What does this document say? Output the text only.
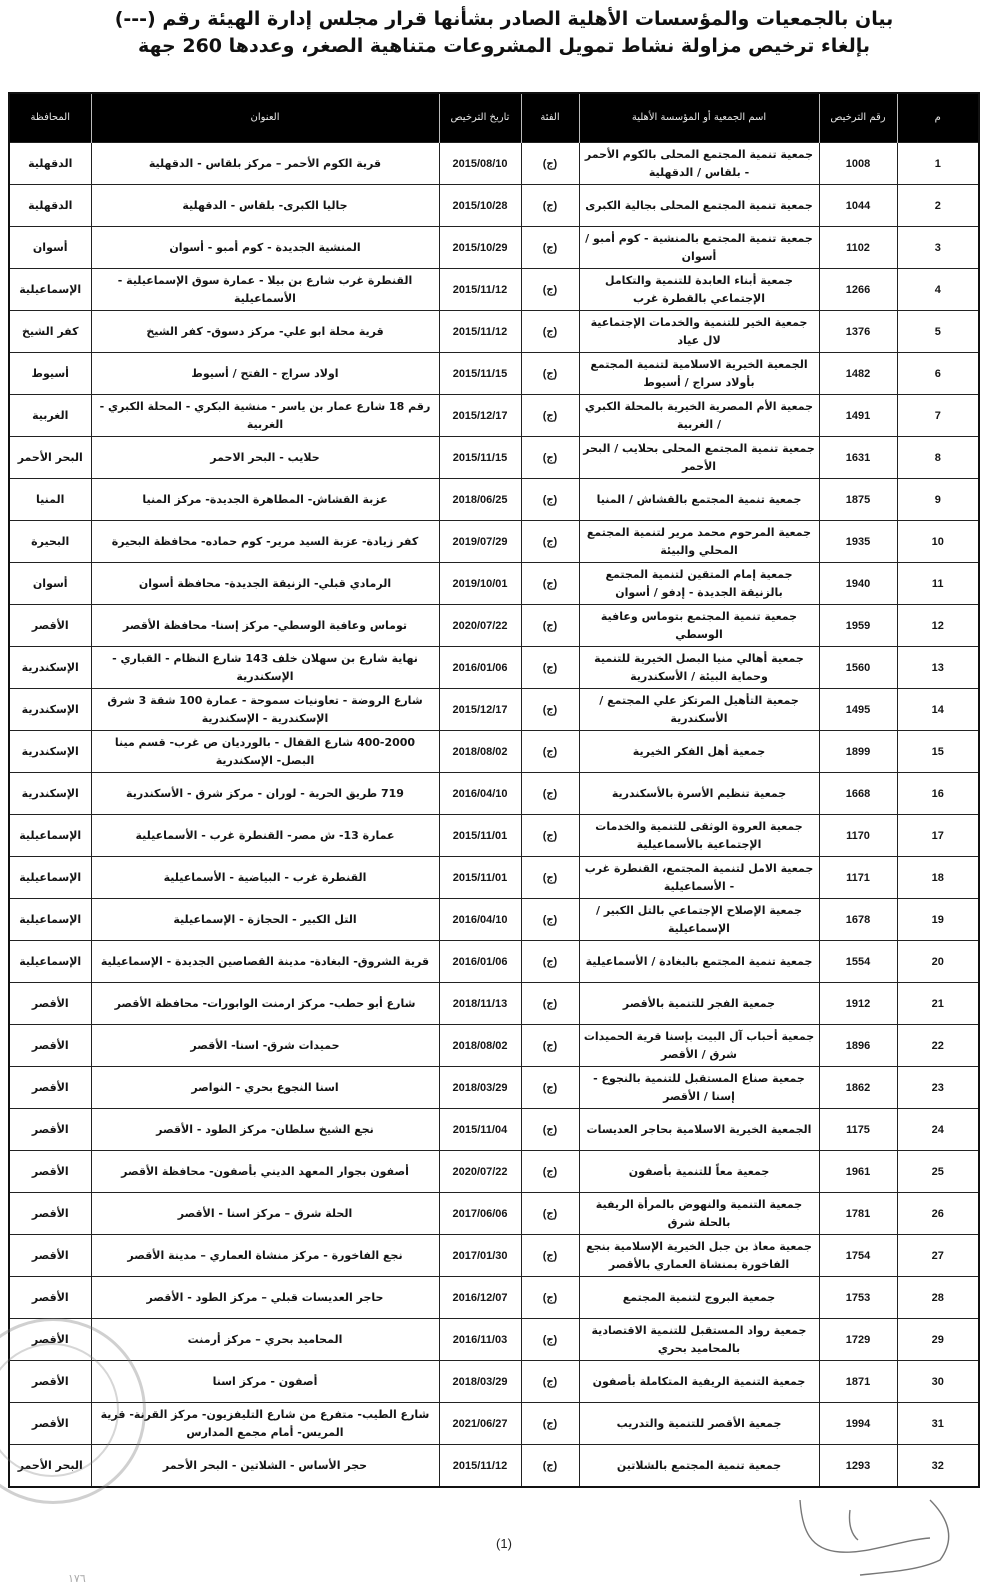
بيان بالجمعيات والمؤسسات الأهلية الصادر بشأنها قرار مجلس إدارة الهيئة رقم (---)
بإلغاء ترخيص مزاولة نشاط تمويل المشروعات متناهية الصغر، وعددها 260 جهة
م	رقم الترخيص	اسم الجمعية أو المؤسسة الأهلية	الفئة	تاريخ الترخيص	العنوان	المحافظة
1	1008	جمعية تنمية المجتمع المحلى بالكوم الأحمر - بلقاس / الدقهلية	(ج)	2015/08/10	قرية الكوم الأحمر – مركز بلقاس - الدقهلية	الدقهلية
2	1044	جمعية تنمية المجتمع المحلى بجالية الكبرى	(ج)	2015/10/28	جاليا الكبرى- بلقاس - الدقهلية	الدقهلية
3	1102	جمعية تنمية المجتمع بالمنشية - كوم أمبو / أسوان	(ج)	2015/10/29	المنشية الجديدة - كوم أمبو - أسوان	أسوان
4	1266	جمعية أبناء العابدة للتنمية والتكامل الإجتماعي بالقطرة غرب	(ج)	2015/11/12	القنطرة غرب شارع بن بيلا - عمارة سوق الإسماعيلية - الأسماعيلية	الإسماعيلية
5	1376	جمعية الخير للتنمية والخدمات الإجتماعية لال عياد	(ج)	2015/11/12	قرية محلة ابو علي- مركز دسوق- كفر الشيخ	كفر الشيخ
6	1482	الجمعية الخيرية الاسلامية لتنمية المجتمع بأولاد سراج / أسيوط	(ج)	2015/11/15	اولاد سراج - الفتح / أسيوط	أسيوط
7	1491	جمعية الأم المصرية الخيرية بالمحلة الكبري / الغربية	(ج)	2015/12/17	رقم 18 شارع عمار بن ياسر - منشية البكري - المحلة الكبري - الغربية	الغربية
8	1631	جمعية تنمية المجتمع المحلى بحلايب / البحر الأحمر	(ج)	2015/11/15	حلايب - البحر الاحمر	البحر الأحمر
9	1875	جمعية تنمية المجتمع بالقشاش / المنيا	(ج)	2018/06/25	عزبة القشاش- المطاهرة الجديدة- مركز المنيا	المنيا
10	1935	جمعية المرحوم محمد مرير لتنمية المجتمع المحلي والبيئة	(ج)	2019/07/29	كفر زيادة- عزبة السيد مرير- كوم حماده- محافظة البحيرة	البحيرة
11	1940	جمعية إمام المتقين لتنمية المجتمع بالزنيقة الجديدة - إدفو / أسوان	(ج)	2019/10/01	الرمادي قبلي- الزنيقة الجديدة- محافظة أسوان	أسوان
12	1959	جمعية تنمية المجتمع بتوماس وعافية الوسطي	(ج)	2020/07/22	توماس وعافية الوسطي- مركز إسنا- محافظة الأقصر	الأقصر
13	1560	جمعية أهالي منيا البصل الخيرية للتنمية وحماية البيئة / الأسكندرية	(ج)	2016/01/06	نهاية شارع بن سهلان خلف 143 شارع النظام - القباري - الإسكندرية	الإسكندرية
14	1495	جمعية التأهيل المرتكز علي المجتمع / الأسكندرية	(ج)	2015/12/17	شارع الروضة - تعاونيات سموحة - عمارة 100 شقة 3 شرق الإسكندرية - الإسكندرية	الإسكندرية
15	1899	جمعية أهل الفكر الخيرية	(ج)	2018/08/02	400-2000 شارع القفال - بالورديان ص غرب- قسم مينا البصل- الإسكندرية	الإسكندرية
16	1668	جمعية تنظيم الأسرة بالأسكندرية	(ج)	2016/04/10	719 طريق الحرية - لوران - مركز شرق - الأسكندرية	الإسكندرية
17	1170	جمعية العروة الوثقى للتنمية والخدمات الإجتماعية بالأسماعيلية	(ج)	2015/11/01	عمارة 13- ش مصر- القنطرة غرب - الأسماعيلية	الإسماعيلية
18	1171	جمعية الامل لتنمية المجتمع، القنطرة غرب - الأسماعيلية	(ج)	2015/11/01	القنطرة غرب - البياضية - الأسماعيلية	الإسماعيلية
19	1678	جمعية الإصلاح الإجتماعي بالتل الكبير / الإسماعيلية	(ج)	2016/04/10	التل الكبير - الحجازة - الإسماعيلية	الإسماعيلية
20	1554	جمعية تنمية المجتمع بالبغادة / الأسماعيلية	(ج)	2016/01/06	قرية الشروق- البغادة- مدينة القصاصين الجديدة - الإسماعيلية	الإسماعيلية
21	1912	جمعية الفجر للتنمية بالأقصر	(ج)	2018/11/13	شارع أبو حطب- مركز ارمنت الوابورات- محافظة الأقصر	الأقصر
22	1896	جمعية أحباب آل البيت بإسنا قرية الحميدات شرق / الأقصر	(ج)	2018/08/02	حميدات شرق- اسنا- الأقصر	الأقصر
23	1862	جمعية صناع المستقبل للتنمية بالنجوع - إسنا / الأقصر	(ج)	2018/03/29	اسنا النجوع بحري - النواصر	الأقصر
24	1175	الجمعية الخيرية الاسلامية بحاجر العديسات	(ج)	2015/11/04	نجع الشيخ سلطان- مركز الطود - الأقصر	الأقصر
25	1961	جمعية معاً للتنمية بأصفون	(ج)	2020/07/22	أصفون بجوار المعهد الديني بأصفون- محافظة الأقصر	الأقصر
26	1781	جمعية التنمية والنهوض بالمرأة الريفية بالحلة شرق	(ج)	2017/06/06	الحلة شرق – مركز اسنا - الأقصر	الأقصر
27	1754	جمعية معاذ بن جبل الخيرية الإسلامية بنجع الفاخورة بمنشاة العماري بالأقصر	(ج)	2017/01/30	نجع الفاخورة - مركز منشاة العماري – مدينة الأقصر	الأقصر
28	1753	جمعية البروج لتنمية المجتمع	(ج)	2016/12/07	حاجر العديسات قبلي – مركز الطود - الأقصر	الأقصر
29	1729	جمعية رواد المستقبل للتنمية الاقتصادية بالمحاميد بحري	(ج)	2016/11/03	المحاميد بحري – مركز أرمنت	الأقصر
30	1871	جمعية التنمية الريفية المتكاملة بأصفون	(ج)	2018/03/29	أصفون - مركز اسنا	الأقصر
31	1994	جمعية الأقصر للتنمية والتدريب	(ج)	2021/06/27	شارع الطيب- متفرع من شارع التليفزيون- مركز القرنة- قرية المريس- أمام مجمع المدارس	الأقصر
32	1293	جمعية تنمية المجتمع بالشلاتين	(ج)	2015/11/12	حجر الأساس - الشلاتين - البحر الأحمر	البحر الأحمر
١٧٦
(1)
